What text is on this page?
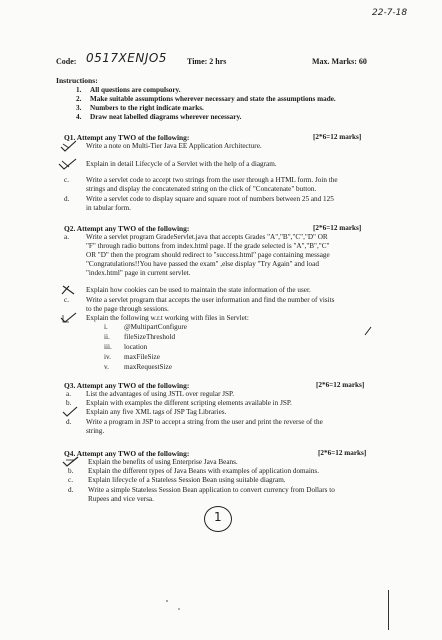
22-7-18
Code: 0517XENJO5	Time: 2 hrs	Max. Marks: 60
Instructions:
1. All questions are compulsory.
2. Make suitable assumptions wherever necessary and state the assumptions made.
3. Numbers to the right indicate marks.
4. Draw neat labelled diagrams wherever necessary.
Q1. Attempt any TWO of the following:	[2*6=12 marks]
Write a note on Multi-Tier Java EE Application Architecture.
Explain in detail Lifecycle of a Servlet with the help of a diagram.
c. Write a servlet code to accept two strings from the user through a HTML form. Join the
strings and display the concatenated string on the click of "Concatenate" button.
d. Write a servlet code to display square and square root of numbers between 25 and 125
in tabular form.
Q2. Attempt any TWO of the following:	[2*6=12 marks]
a. Write a servlet program GradeServlet.java that accepts Grades "A","B","C","D" OR
"F" through radio buttons from index.html page. If the grade selected is "A","B","C"
OR "D" then the program should redirect to "success.html" page containing message
"Congratulations!!You have passed the exam" ,else display "Try Again" and load
"index.html" page in current servlet.
Explain how cookies can be used to maintain the state information of the user.
c. Write a servlet program that accepts the user information and find the number of visits
to the page through sessions.
Explain the following w.r.t working with files in Servlet:
i. @MultipartConfigure
ii. fileSizeThreshold
iii. location
iv. maxFileSize
v. maxRequestSize
Q3. Attempt any TWO of the following:	[2*6=12 marks]
a. List the advantages of using JSTL over regular JSP.
b. Explain with examples the different scripting elements available in JSP.
Explain any five XML tags of JSP Tag Libraries.
d. Write a program in JSP to accept a string from the user and print the reverse of the
string.
Q4. Attempt any TWO of the following:	[2*6=12 marks]
Explain the benefits of using Enterprise Java Beans.
b. Explain the different types of Java Beans with examples of application domains.
c. Explain lifecycle of a Stateless Session Bean using suitable diagram.
d. Write a simple Stateless Session Bean application to convert currency from Dollars to
Rupees and vice versa.
1
